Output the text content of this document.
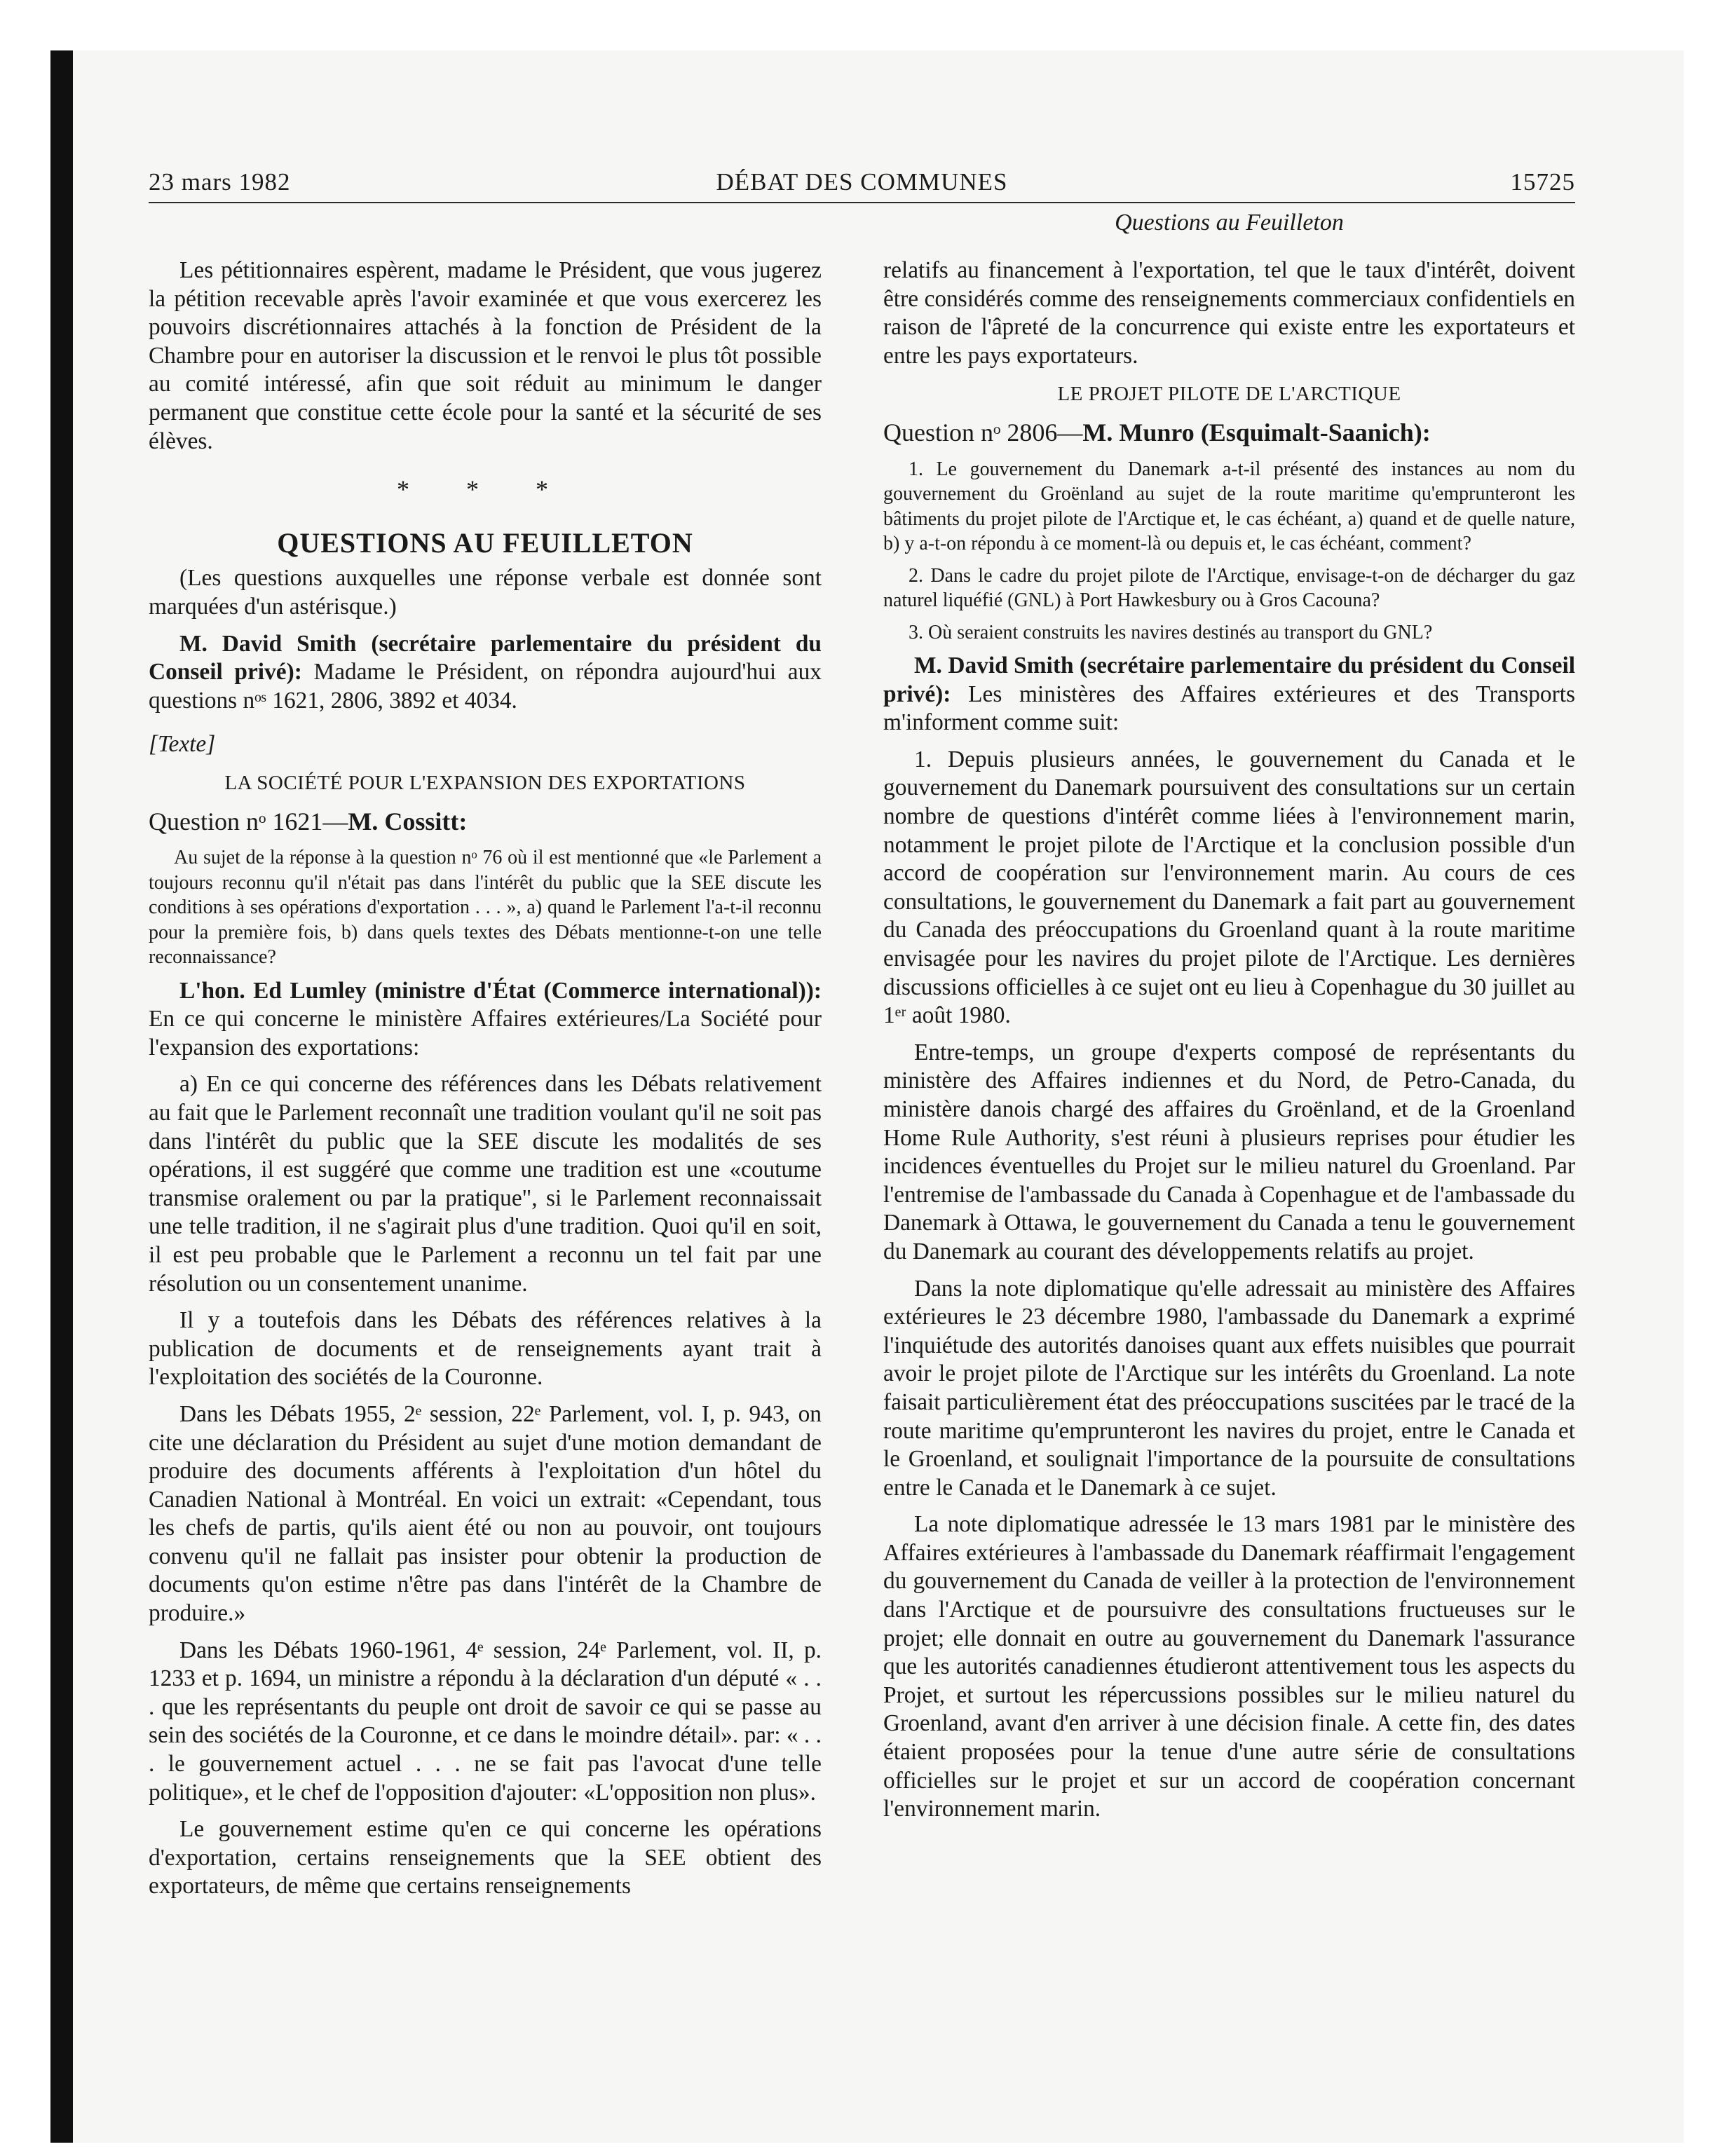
23 mars 1982	DÉBAT DES COMMUNES	15725
Questions au Feuilleton

Les pétitionnaires espèrent, madame le Président, que vous jugerez la pétition recevable après l'avoir examinée et que vous exercerez les pouvoirs discrétionnaires attachés à la fonction de Président de la Chambre pour en autoriser la discussion et le renvoi le plus tôt possible au comité intéressé, afin que soit réduit au minimum le danger permanent que constitue cette école pour la santé et la sécurité de ses élèves.

* * *

QUESTIONS AU FEUILLETON

(Les questions auxquelles une réponse verbale est donnée sont marquées d'un astérisque.)

M. David Smith (secrétaire parlementaire du président du Conseil privé): Madame le Président, on répondra aujourd'hui aux questions nᵒˢ 1621, 2806, 3892 et 4034.

[Texte]

LA SOCIÉTÉ POUR L'EXPANSION DES EXPORTATIONS

Question nᵒ 1621—M. Cossitt:

Au sujet de la réponse à la question nᵒ 76 où il est mentionné que «le Parlement a toujours reconnu qu'il n'était pas dans l'intérêt du public que la SEE discute les conditions à ses opérations d'exportation . . . », a) quand le Parlement l'a-t-il reconnu pour la première fois, b) dans quels textes des Débats mentionne-t-on une telle reconnaissance?

L'hon. Ed Lumley (ministre d'État (Commerce international)): En ce qui concerne le ministère Affaires extérieures/La Société pour l'expansion des exportations:

a) En ce qui concerne des références dans les Débats relativement au fait que le Parlement reconnaît une tradition voulant qu'il ne soit pas dans l'intérêt du public que la SEE discute les modalités de ses opérations, il est suggéré que comme une tradition est une «coutume transmise oralement ou par la pratique", si le Parlement reconnaissait une telle tradition, il ne s'agirait plus d'une tradition. Quoi qu'il en soit, il est peu probable que le Parlement a reconnu un tel fait par une résolution ou un consentement unanime.

Il y a toutefois dans les Débats des références relatives à la publication de documents et de renseignements ayant trait à l'exploitation des sociétés de la Couronne.

Dans les Débats 1955, 2ᵉ session, 22ᵉ Parlement, vol. I, p. 943, on cite une déclaration du Président au sujet d'une motion demandant de produire des documents afférents à l'exploitation d'un hôtel du Canadien National à Montréal. En voici un extrait: «Cependant, tous les chefs de partis, qu'ils aient été ou non au pouvoir, ont toujours convenu qu'il ne fallait pas insister pour obtenir la production de documents qu'on estime n'être pas dans l'intérêt de la Chambre de produire.»

Dans les Débats 1960-1961, 4ᵉ session, 24ᵉ Parlement, vol. II, p. 1233 et p. 1694, un ministre a répondu à la déclaration d'un député « . . . que les représentants du peuple ont droit de savoir ce qui se passe au sein des sociétés de la Couronne, et ce dans le moindre détail». par: « . . . le gouvernement actuel . . . ne se fait pas l'avocat d'une telle politique», et le chef de l'opposition d'ajouter: «L'opposition non plus».

Le gouvernement estime qu'en ce qui concerne les opérations d'exportation, certains renseignements que la SEE obtient des exportateurs, de même que certains renseignements

relatifs au financement à l'exportation, tel que le taux d'intérêt, doivent être considérés comme des renseignements commerciaux confidentiels en raison de l'âpreté de la concurrence qui existe entre les exportateurs et entre les pays exportateurs.

LE PROJET PILOTE DE L'ARCTIQUE

Question nᵒ 2806—M. Munro (Esquimalt-Saanich):

1. Le gouvernement du Danemark a-t-il présenté des instances au nom du gouvernement du Groënland au sujet de la route maritime qu'emprunteront les bâtiments du projet pilote de l'Arctique et, le cas échéant, a) quand et de quelle nature, b) y a-t-on répondu à ce moment-là ou depuis et, le cas échéant, comment?

2. Dans le cadre du projet pilote de l'Arctique, envisage-t-on de décharger du gaz naturel liquéfié (GNL) à Port Hawkesbury ou à Gros Cacouna?

3. Où seraient construits les navires destinés au transport du GNL?

M. David Smith (secrétaire parlementaire du président du Conseil privé): Les ministères des Affaires extérieures et des Transports m'informent comme suit:

1. Depuis plusieurs années, le gouvernement du Canada et le gouvernement du Danemark poursuivent des consultations sur un certain nombre de questions d'intérêt comme liées à l'environnement marin, notamment le projet pilote de l'Arctique et la conclusion possible d'un accord de coopération sur l'environnement marin. Au cours de ces consultations, le gouvernement du Danemark a fait part au gouvernement du Canada des préoccupations du Groenland quant à la route maritime envisagée pour les navires du projet pilote de l'Arctique. Les dernières discussions officielles à ce sujet ont eu lieu à Copenhague du 30 juillet au 1ᵉʳ août 1980.

Entre-temps, un groupe d'experts composé de représentants du ministère des Affaires indiennes et du Nord, de Petro-Canada, du ministère danois chargé des affaires du Groënland, et de la Groenland Home Rule Authority, s'est réuni à plusieurs reprises pour étudier les incidences éventuelles du Projet sur le milieu naturel du Groenland. Par l'entremise de l'ambassade du Canada à Copenhague et de l'ambassade du Danemark à Ottawa, le gouvernement du Canada a tenu le gouvernement du Danemark au courant des développements relatifs au projet.

Dans la note diplomatique qu'elle adressait au ministère des Affaires extérieures le 23 décembre 1980, l'ambassade du Danemark a exprimé l'inquiétude des autorités danoises quant aux effets nuisibles que pourrait avoir le projet pilote de l'Arctique sur les intérêts du Groenland. La note faisait particulièrement état des préoccupations suscitées par le tracé de la route maritime qu'emprunteront les navires du projet, entre le Canada et le Groenland, et soulignait l'importance de la poursuite de consultations entre le Canada et le Danemark à ce sujet.

La note diplomatique adressée le 13 mars 1981 par le ministère des Affaires extérieures à l'ambassade du Danemark réaffirmait l'engagement du gouvernement du Canada de veiller à la protection de l'environnement dans l'Arctique et de poursuivre des consultations fructueuses sur le projet; elle donnait en outre au gouvernement du Danemark l'assurance que les autorités canadiennes étudieront attentivement tous les aspects du Projet, et surtout les répercussions possibles sur le milieu naturel du Groenland, avant d'en arriver à une décision finale. A cette fin, des dates étaient proposées pour la tenue d'une autre série de consultations officielles sur le projet et sur un accord de coopération concernant l'environnement marin.
